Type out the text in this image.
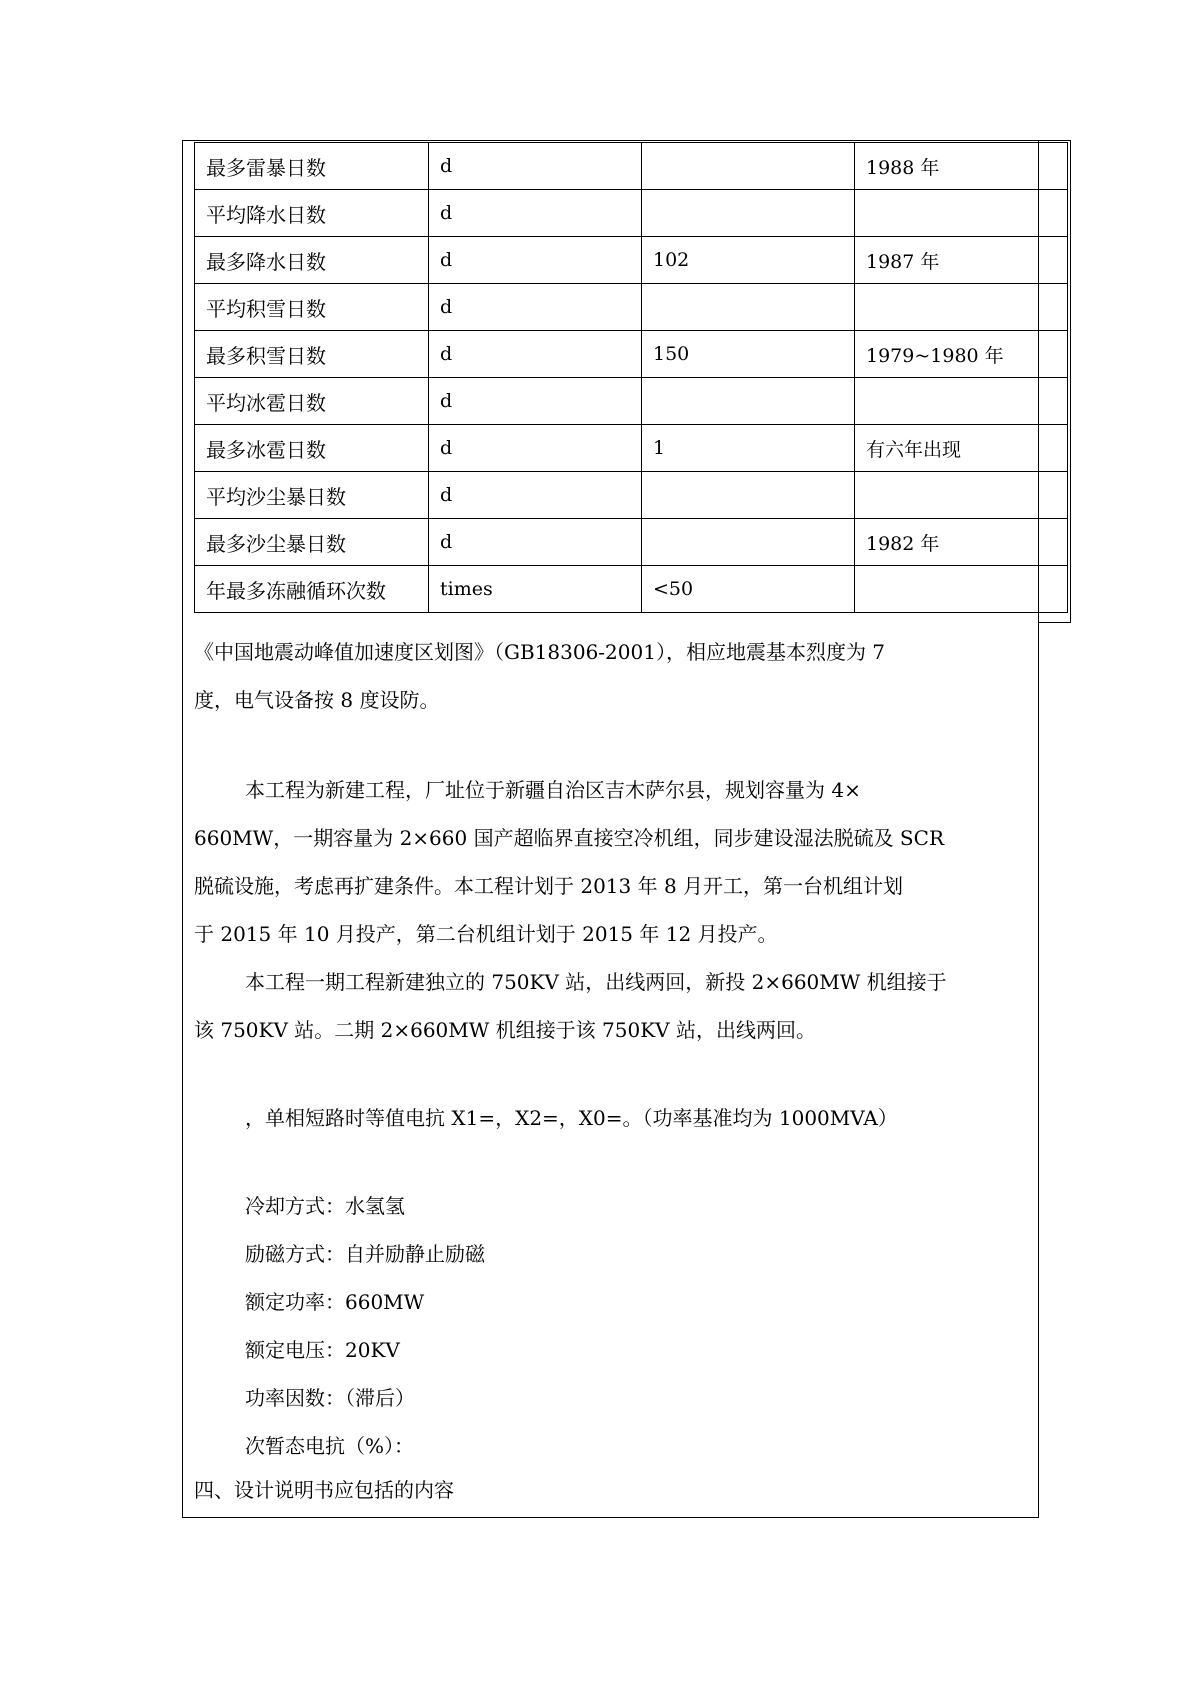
最多雷暴日数	d		1988 年	
平均降水日数	d			
最多降水日数	d	102	1987 年	
平均积雪日数	d			
最多积雪日数	d	150	1979~1980 年	
平均冰雹日数	d			
最多冰雹日数	d	1	有六年出现	
平均沙尘暴日数	d			
最多沙尘暴日数	d		1982 年	
年最多冻融循环次数	times	<50		

《中国地震动峰值加速度区划图》（GB18306-2001），相应地震基本烈度为 7

度，电气设备按 8 度设防。

本工程为新建工程，厂址位于新疆自治区吉木萨尔县，规划容量为 4×

660MW，一期容量为 2×660 国产超临界直接空冷机组，同步建设湿法脱硫及 SCR

脱硫设施，考虑再扩建条件。本工程计划于 2013 年 8 月开工，第一台机组计划

于 2015 年 10 月投产，第二台机组计划于 2015 年 12 月投产。

本工程一期工程新建独立的 750KV 站，出线两回，新投 2×660MW 机组接于

该 750KV 站。二期 2×660MW 机组接于该 750KV 站，出线两回。

，单相短路时等值电抗 X1=，X2=，X0=。（功率基准均为 1000MVA）

冷却方式：水氢氢

励磁方式：自并励静止励磁

额定功率：660MW

额定电压：20KV

功率因数：（滞后）

次暂态电抗（%）：

四、设计说明书应包括的内容
